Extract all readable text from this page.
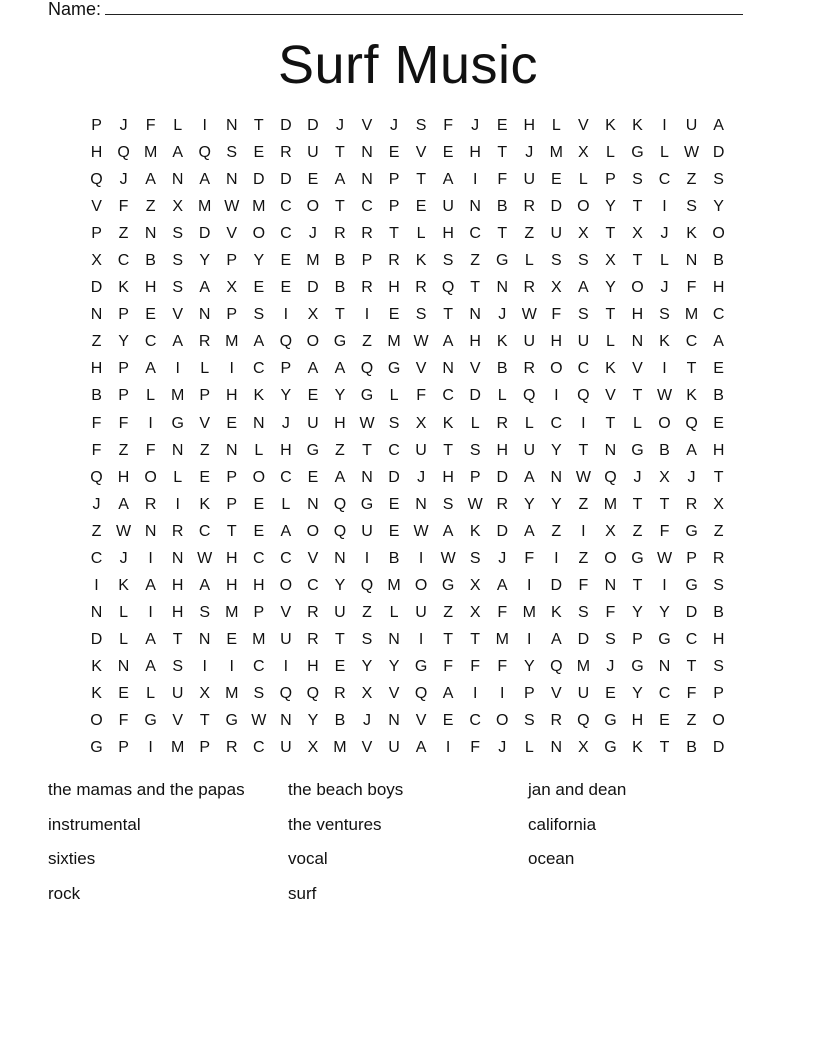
Name:
Surf Music
P	J	F	L	I	N	T	D D	J	V	J	S	F	J	E H	L	V	K	K	I	U A
H Q M A Q S	E R U	T	N E	V	E H	T	J	M X	L	G	L W D
Q	J	A N A N D D E	A N P	T	A	I	F	U E	L	P	S C	Z	S
V	F	Z	X M W M C O T	C P	E U N B R D O Y	T	I	S	Y
P	Z	N S D V O C	J	R R	T	L	H C	T	Z	U X	T	X	J	K O
X C B	S	Y	P	Y	E M B	P R K	S	Z G	L	S	S	X	T	L	N B
D K H S	A	X	E	E D B R H R Q T	N R X	A	Y O	J	F	H
N P	E	V N P	S	I	X	T	I	E	S	T	N	J W F	S	T	H S M C
Z	Y C A R M A Q O G Z M W A H K U H U	L	N K C A
H P	A	I	L	I	C P	A	A Q G V N V	B R O C K	V	I	T	E
B	P	L M P H K	Y	E	Y G	L	F	C D	L	Q	I	Q V	T W K	B
F	F	I	G V	E N	J	U H W S	X	K	L	R	L	C	I	T	L	O Q E
F	Z	F	N	Z	N	L	H G Z	T	C U	T	S H U Y	T	N G B	A H
Q H O	L	E	P O C E	A N D	J	H P D A N W Q	J	X	J	T
J	A R	I	K	P	E	L	N Q G E N S W R Y	Y	Z M T	T	R X
Z W N R C	T	E	A O Q U E W A	K D A	Z	I	X	Z	F G Z
C	J	I	N W H C C V N	I	B	I	W S	J	F	I	Z O G W P R
I	K	A H A H H O C Y Q M O G X	A	I	D	F	N	T	I	G S
N	L	I	H S M P	V R U	Z	L	U	Z	X	F M K	S	F	Y	Y D B
D	L	A	T	N E M U R	T	S N	I	T	T M	I	A D S	P G C H
K N A	S	I	I	C	I	H E	Y	Y G F	F	F	Y Q M	J	G N	T	S
K	E	L	U X M S Q Q R X	V Q A	I	I	P	V U E	Y C	F	P
O F G V	T G W N Y	B	J	N V	E C O S R Q G H E	Z O
G P	I	M P R C U X M V U A	I	F	J	L	N X G K	T	B D
the mamas and the papas	the beach boys	jan and dean
instrumental	the ventures	california
sixties	vocal	ocean
rock	surf
